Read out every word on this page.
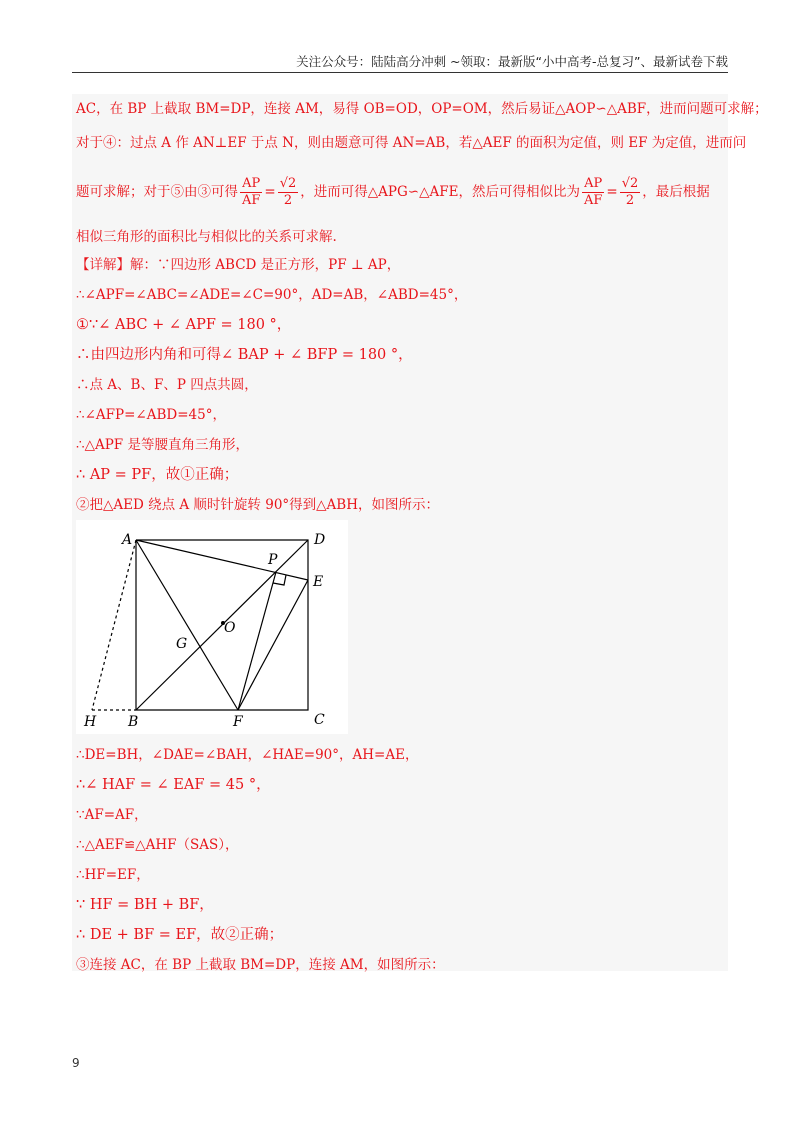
关注公众号：陆陆高分冲刺 ~领取：最新版“小中高考-总复习”、最新试卷下载
AC，在 BP 上截取 BM=DP，连接 AM，易得 OB=OD，OP=OM，然后易证△AOP∽△ABF，进而问题可求解；
对于④：过点 A 作 AN⊥EF 于点 N，则由题意可得 AN=AB，若△AEF 的面积为定值，则 EF 为定值，进而问
题可求解；对于⑤由③可得 $\frac{AP}{AF} = \frac{√2}{2}$ ，进而可得△APG∽△AFE，然后可得相似比为 $\frac{AP}{AF} = \frac{√2}{2}$ ，最后根据
相似三角形的面积比与相似比的关系可求解.
【详解】解：∵四边形 ABCD 是正方形，PF ⊥ AP，
∴∠APF=∠ABC=∠ADE=∠C=90°，AD=AB，∠ABD=45°，
①∵∠ ABC + ∠ APF = 180 °，
∴由四边形内角和可得∠ BAP + ∠ BFP = 180 °，
∴点 A、B、F、P 四点共圆，
∴∠AFP=∠ABD=45°，
∴△APF 是等腰直角三角形，
∴ AP = PF，故①正确；
②把△AED 绕点 A 顺时针旋转 90°得到△ABH，如图所示：
A	D
P
E
O
G
H B	F	C
∴DE=BH，∠DAE=∠BAH，∠HAE=90°，AH=AE，
∴∠ HAF = ∠ EAF = 45 °，
∵AF=AF，
∴△AEF≌△AHF（SAS），
∴HF=EF，
∵ HF = BH + BF，
∴ DE + BF = EF，故②正确；
③连接 AC，在 BP 上截取 BM=DP，连接 AM，如图所示：
9
